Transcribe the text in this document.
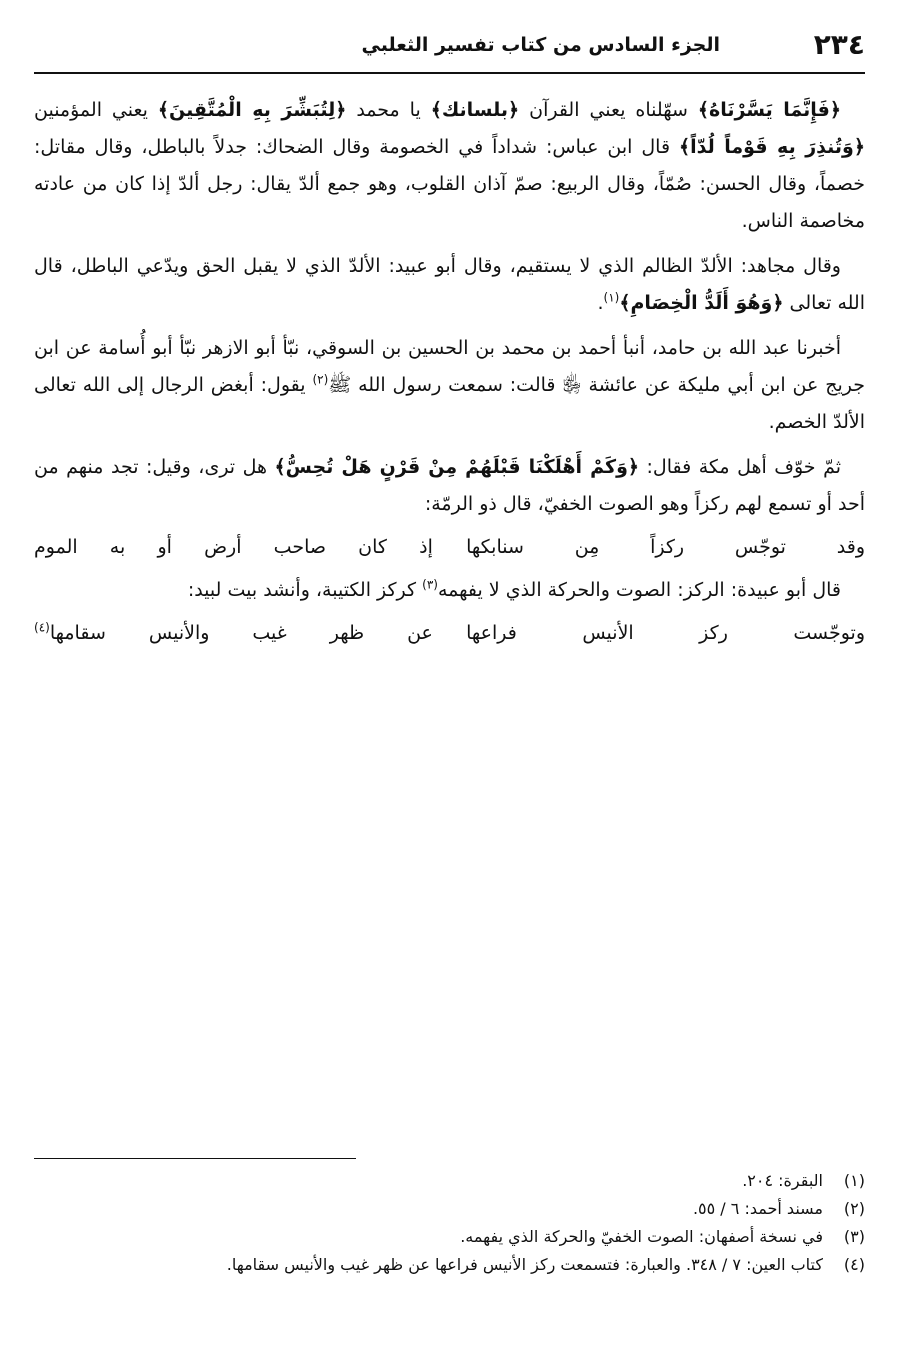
٢٣٤
الجزء السادس من كتاب تفسير الثعلبي

﴿فَإِنَّمَا يَسَّرْنَاهُ﴾ سهّلناه يعني القرآن ﴿بلسانك﴾ يا محمد ﴿لِتُبَشِّرَ بِهِ الْمُتَّقِينَ﴾ يعني المؤمنين ﴿وَتُنذِرَ بِهِ قَوْماً لُدّاً﴾ قال ابن عباس: شداداً في الخصومة وقال الضحاك: جدلاً بالباطل، وقال مقاتل: خصماً، وقال الحسن: صُمّاً، وقال الربيع: صمّ آذان القلوب، وهو جمع ألدّ يقال: رجل ألدّ إذا كان من عادته مخاصمة الناس.

وقال مجاهد: الألدّ الظالم الذي لا يستقيم، وقال أبو عبيد: الألدّ الذي لا يقبل الحق ويدّعي الباطل، قال الله تعالى ﴿وَهُوَ أَلَدُّ الْخِصَامِ﴾$^{(١)}$.

أخبرنا عبد الله بن حامد، أنبأ أحمد بن محمد بن الحسين بن السوقي، نبّأ أبو الازهر نبّأ أبو أُسامة عن ابن جريج عن ابن أبي مليكة عن عائشة ﵂ قالت: سمعت رسول الله ﷺ$^{(٢)}$ يقول: أبغض الرجال إلى الله تعالى الألدّ الخصم.

ثمّ خوّف أهل مكة فقال: ﴿وَكَمْ أَهْلَكْنَا قَبْلَهُمْ مِنْ قَرْنٍ هَلْ تُحِسُّ﴾ هل ترى، وقيل: تجد منهم من أحد أو تسمع لهم ركزاً وهو الصوت الخفيّ، قال ذو الرمّة:

وقد توجّس ركزاً مِن سنابكها
إذ كان صاحب أرض أو به الموم

قال أبو عبيدة: الركز: الصوت والحركة الذي لا يفهمه$^{(٣)}$ كركز الكتيبة، وأنشد بيت لبيد:

وتوجّست ركز الأنيس فراعها
عن ظهر غيب والأنيس سقامها$^{(٤)}$
(١)
البقرة: ٢٠٤.
(٢)
مسند أحمد: ٦ / ٥٥.
(٣)
في نسخة أصفهان: الصوت الخفيّ والحركة الذي يفهمه.
(٤)
كتاب العين: ٧ / ٣٤٨. والعبارة: فتسمعت ركز الأنيس فراعها عن ظهر غيب والأنيس سقامها.
